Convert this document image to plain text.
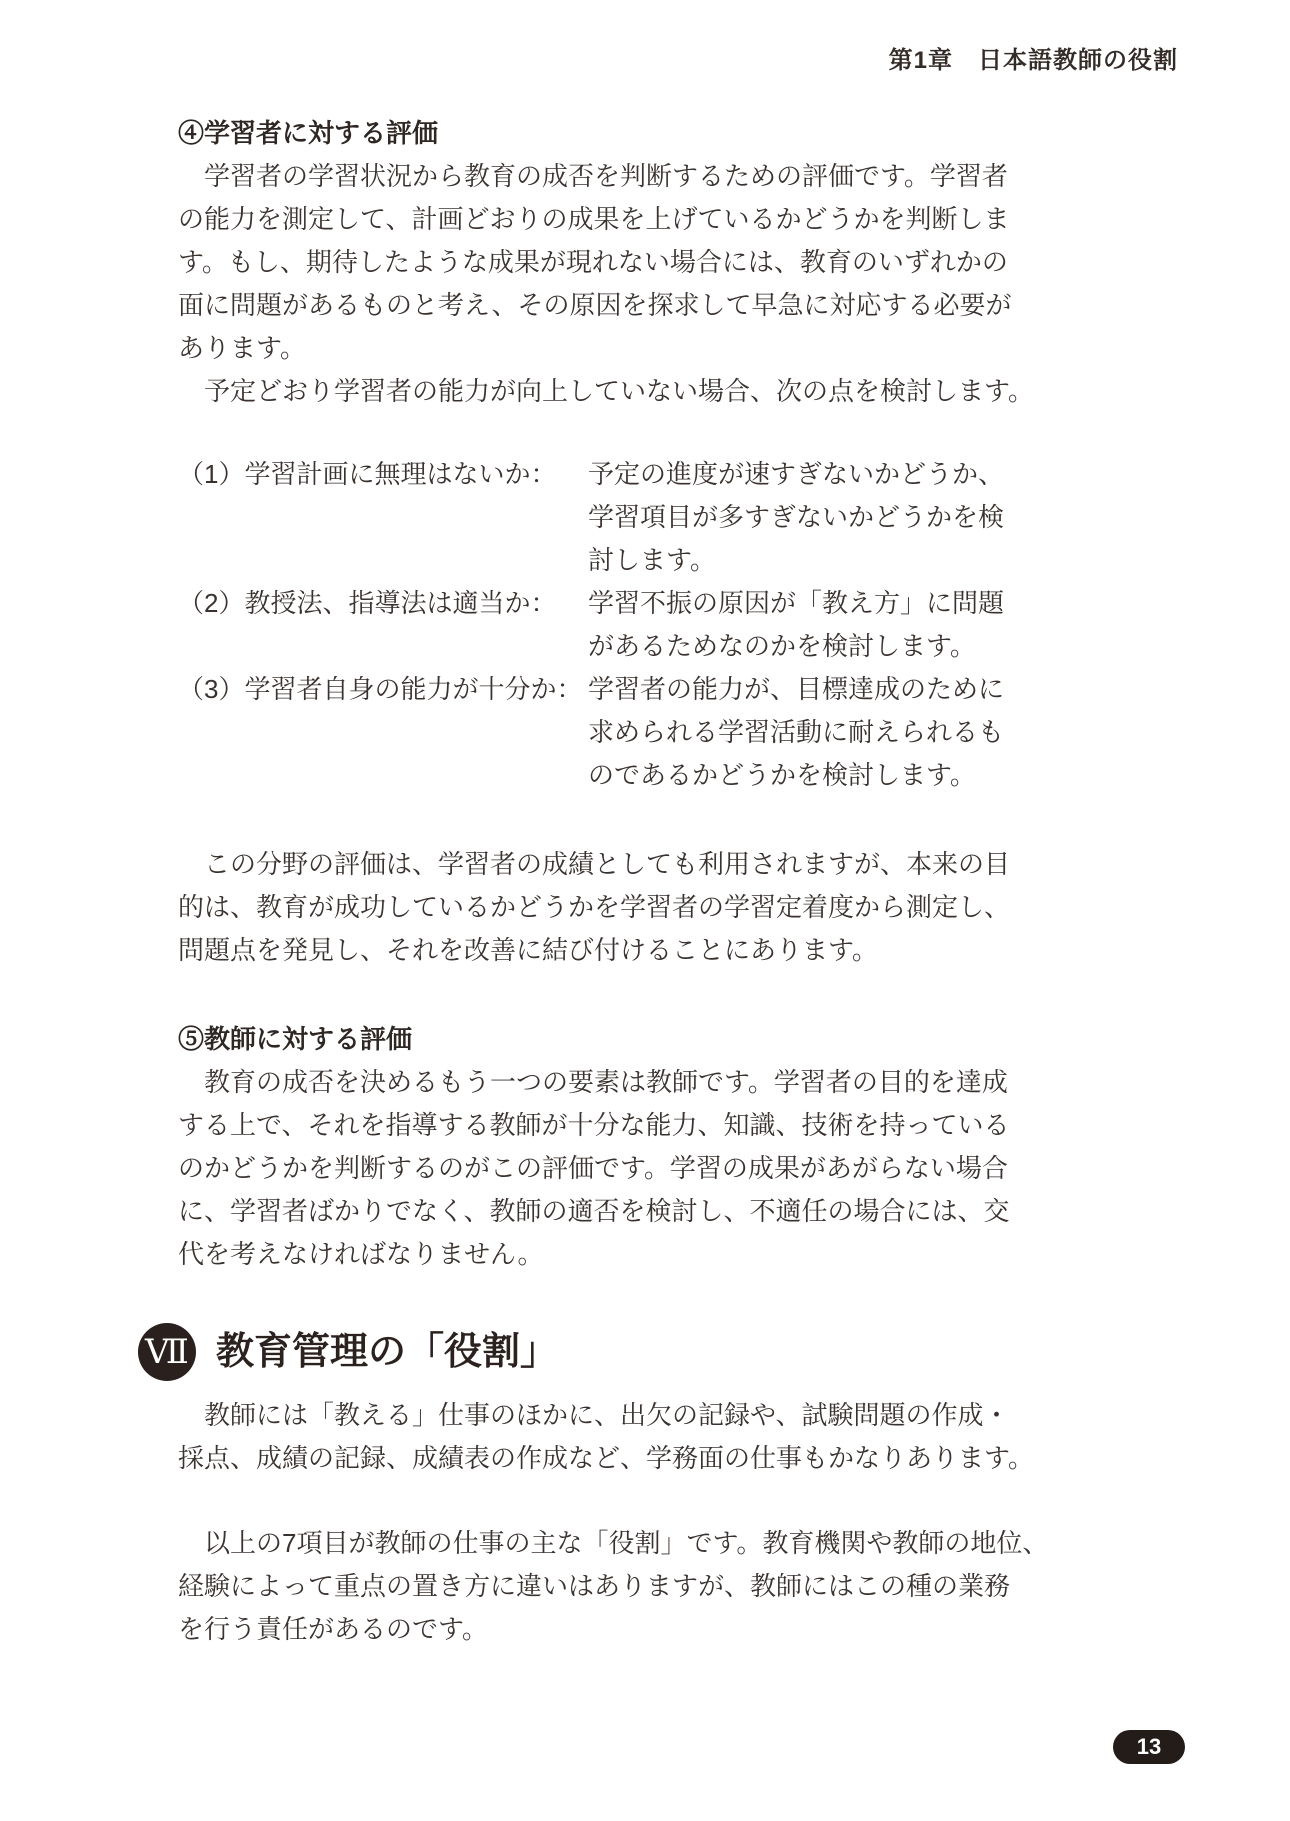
第1章　日本語教師の役割
④学習者に対する評価
学習者の学習状況から教育の成否を判断するための評価です。学習者
の能力を測定して、計画どおりの成果を上げているかどうかを判断しま
す。もし、期待したような成果が現れない場合には、教育のいずれかの
面に問題があるものと考え、その原因を探求して早急に対応する必要が
あります。
予定どおり学習者の能力が向上していない場合、次の点を検討します。
（1）学習計画に無理はないか：	予定の進度が速すぎないかどうか、
学習項目が多すぎないかどうかを検
討します。
（2）教授法、指導法は適当か：	学習不振の原因が「教え方」に問題
があるためなのかを検討します。
（3）学習者自身の能力が十分か： 学習者の能力が、目標達成のために
求められる学習活動に耐えられるも
のであるかどうかを検討します。
この分野の評価は、学習者の成績としても利用されますが、本来の目
的は、教育が成功しているかどうかを学習者の学習定着度から測定し、
問題点を発見し、それを改善に結び付けることにあります。
⑤教師に対する評価
教育の成否を決めるもう一つの要素は教師です。学習者の目的を達成
する上で、それを指導する教師が十分な能力、知識、技術を持っている
のかどうかを判断するのがこの評価です。学習の成果があがらない場合
に、学習者ばかりでなく、教師の適否を検討し、不適任の場合には、交
代を考えなければなりません。
Ⅶ 教育管理の「役割」
教師には「教える」仕事のほかに、出欠の記録や、試験問題の作成・
採点、成績の記録、成績表の作成など、学務面の仕事もかなりあります。
以上の7項目が教師の仕事の主な「役割」です。教育機関や教師の地位、
経験によって重点の置き方に違いはありますが、教師にはこの種の業務
を行う責任があるのです。
13
